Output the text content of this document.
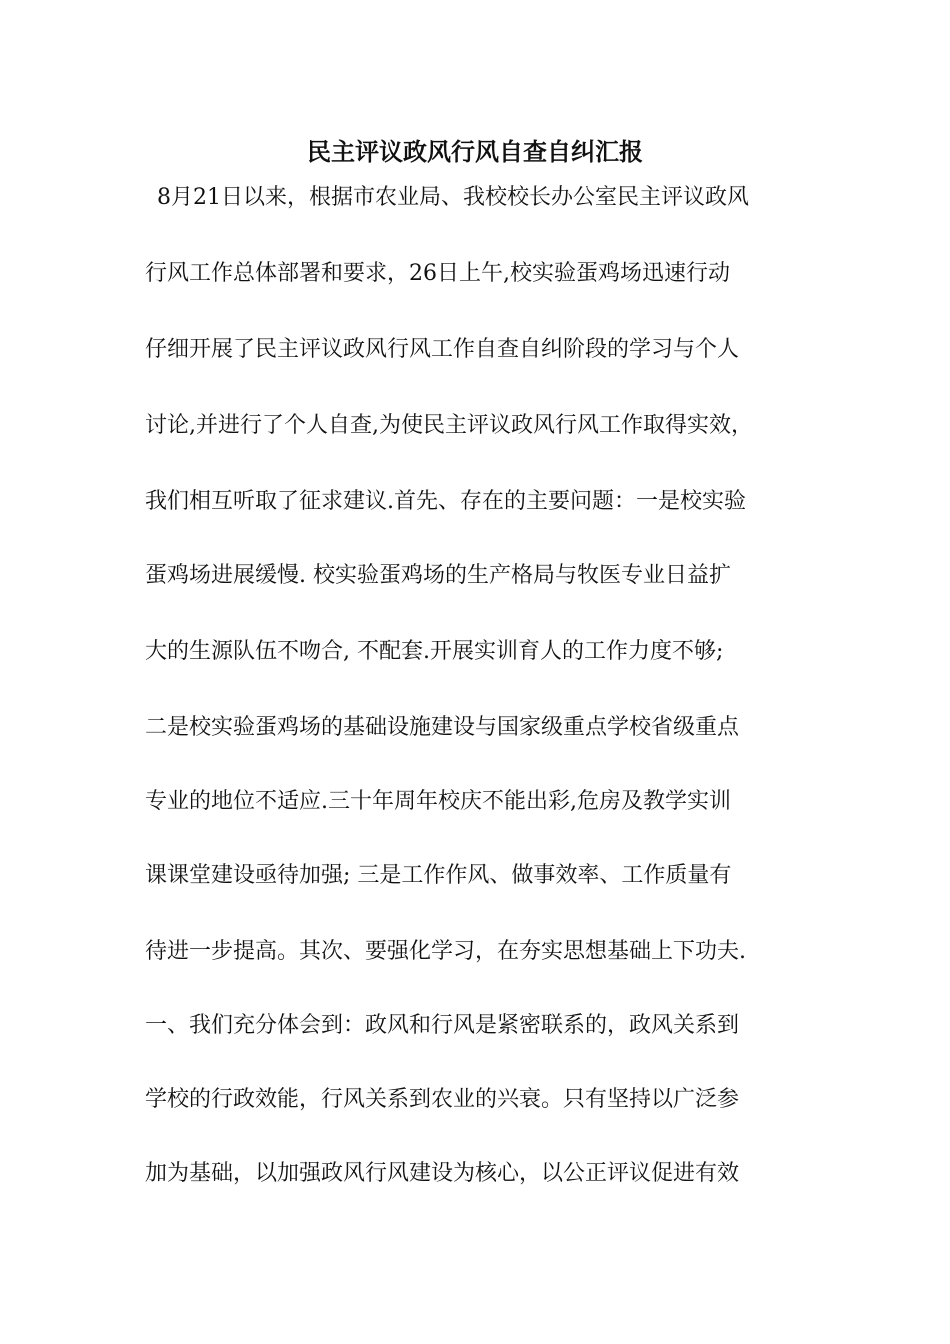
民主评议政风行风自查自纠汇报

8月21日以来，根据市农业局、我校校长办公室民主评议政风

行风工作总体部署和要求，26日上午,校实验蛋鸡场迅速行动

仔细开展了民主评议政风行风工作自查自纠阶段的学习与个人

讨论,并进行了个人自查,为使民主评议政风行风工作取得实效，

我们相互听取了征求建议.首先、存在的主要问题：一是校实验

蛋鸡场进展缓慢. 校实验蛋鸡场的生产格局与牧医专业日益扩

大的生源队伍不吻合, 不配套.开展实训育人的工作力度不够;

二是校实验蛋鸡场的基础设施建设与国家级重点学校省级重点

专业的地位不适应.三十年周年校庆不能出彩,危房及教学实训

课课堂建设亟待加强; 三是工作作风、做事效率、工作质量有

待进一步提高。其次、要强化学习，在夯实思想基础上下功夫.

一、我们充分体会到：政风和行风是紧密联系的，政风关系到

学校的行政效能，行风关系到农业的兴衰。只有坚持以广泛参

加为基础，以加强政风行风建设为核心，以公正评议促进有效
